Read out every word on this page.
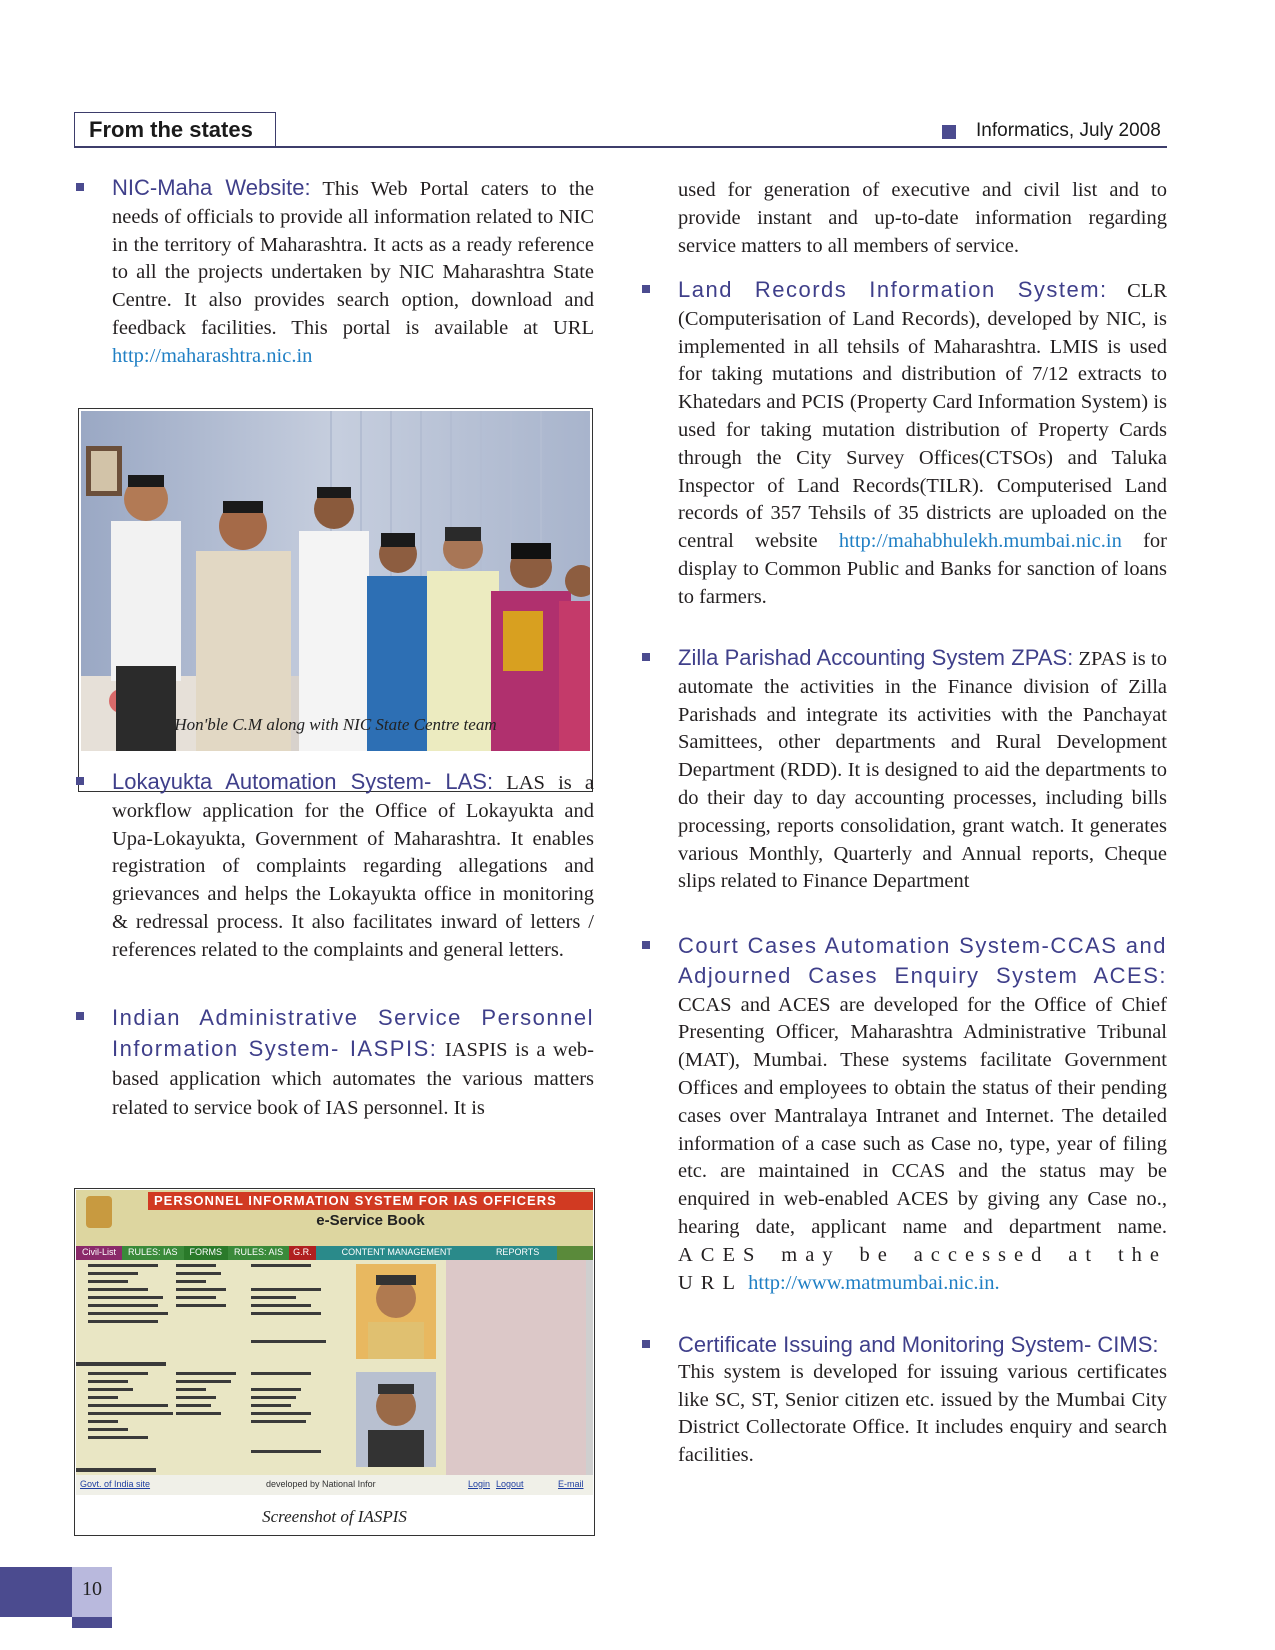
From the states	Informatics, July 2008
NIC-Maha Website: This Web Portal caters to the needs of officials to provide all information related to NIC in the territory of Maharashtra. It acts as a ready reference to all the projects undertaken by NIC Maharashtra State Centre. It also provides search option, download and feedback facilities. This portal is available at URL http://maharashtra.nic.in
Hon'ble C.M along with NIC State Centre team
Lokayukta Automation System- LAS: LAS is a workflow application for the Office of Lokayukta and Upa-Lokayukta, Government of Maharashtra. It enables registration of complaints regarding allegations and grievances and helps the Lokayukta office in monitoring & redressal process. It also facilitates inward of letters / references related to the complaints and general letters.
Indian Administrative Service Personnel Information System- IASPIS: IASPIS is a web-based application which automates the various matters related to service book of IAS personnel. It is
PERSONNEL INFORMATION SYSTEM FOR IAS OFFICERS
e-Service Book
Civil-List	RULES: IAS	FORMS	RULES: AIS	G.R.	CONTENT MANAGEMENT	REPORTS
Govt. of India site	developed by National Infor	Login Logout	E-mail
Screenshot of IASPIS
used for generation of executive and civil list and to provide instant and up-to-date information regarding service matters to all members of service.
Land Records Information System: CLR (Computerisation of Land Records), developed by NIC, is implemented in all tehsils of Maharashtra. LMIS is used for taking mutations and distribution of 7/12 extracts to Khatedars and PCIS (Property Card Information System) is used for taking mutation distribution of Property Cards through the City Survey Offices(CTSOs) and Taluka Inspector of Land Records(TILR). Computerised Land records of 357 Tehsils of 35 districts are uploaded on the central website http://mahabhulekh.mumbai.nic.in for display to Common Public and Banks for sanction of loans to farmers.
Zilla Parishad Accounting System ZPAS: ZPAS is to automate the activities in the Finance division of Zilla Parishads and integrate its activities with the Panchayat Samittees, other departments and Rural Development Department (RDD). It is designed to aid the departments to do their day to day accounting processes, including bills processing, reports consolidation, grant watch. It generates various Monthly, Quarterly and Annual reports, Cheque slips related to Finance Department
Court Cases Automation System-CCAS and Adjourned Cases Enquiry System ACES: CCAS and ACES are developed for the Office of Chief Presenting Officer, Maharashtra Administrative Tribunal (MAT), Mumbai. These systems facilitate Government Offices and employees to obtain the status of their pending cases over Mantralaya Intranet and Internet. The detailed information of a case such as Case no, type, year of filing etc. are maintained in CCAS and the status may be enquired in web-enabled ACES by giving any Case no., hearing date, applicant name and department name. ACES may be accessed at the URL http://www.matmumbai.nic.in.
Certificate Issuing and Monitoring System- CIMS:
This system is developed for issuing various certificates like SC, ST, Senior citizen etc. issued by the Mumbai City District Collectorate Office. It includes enquiry and search facilities.
10
